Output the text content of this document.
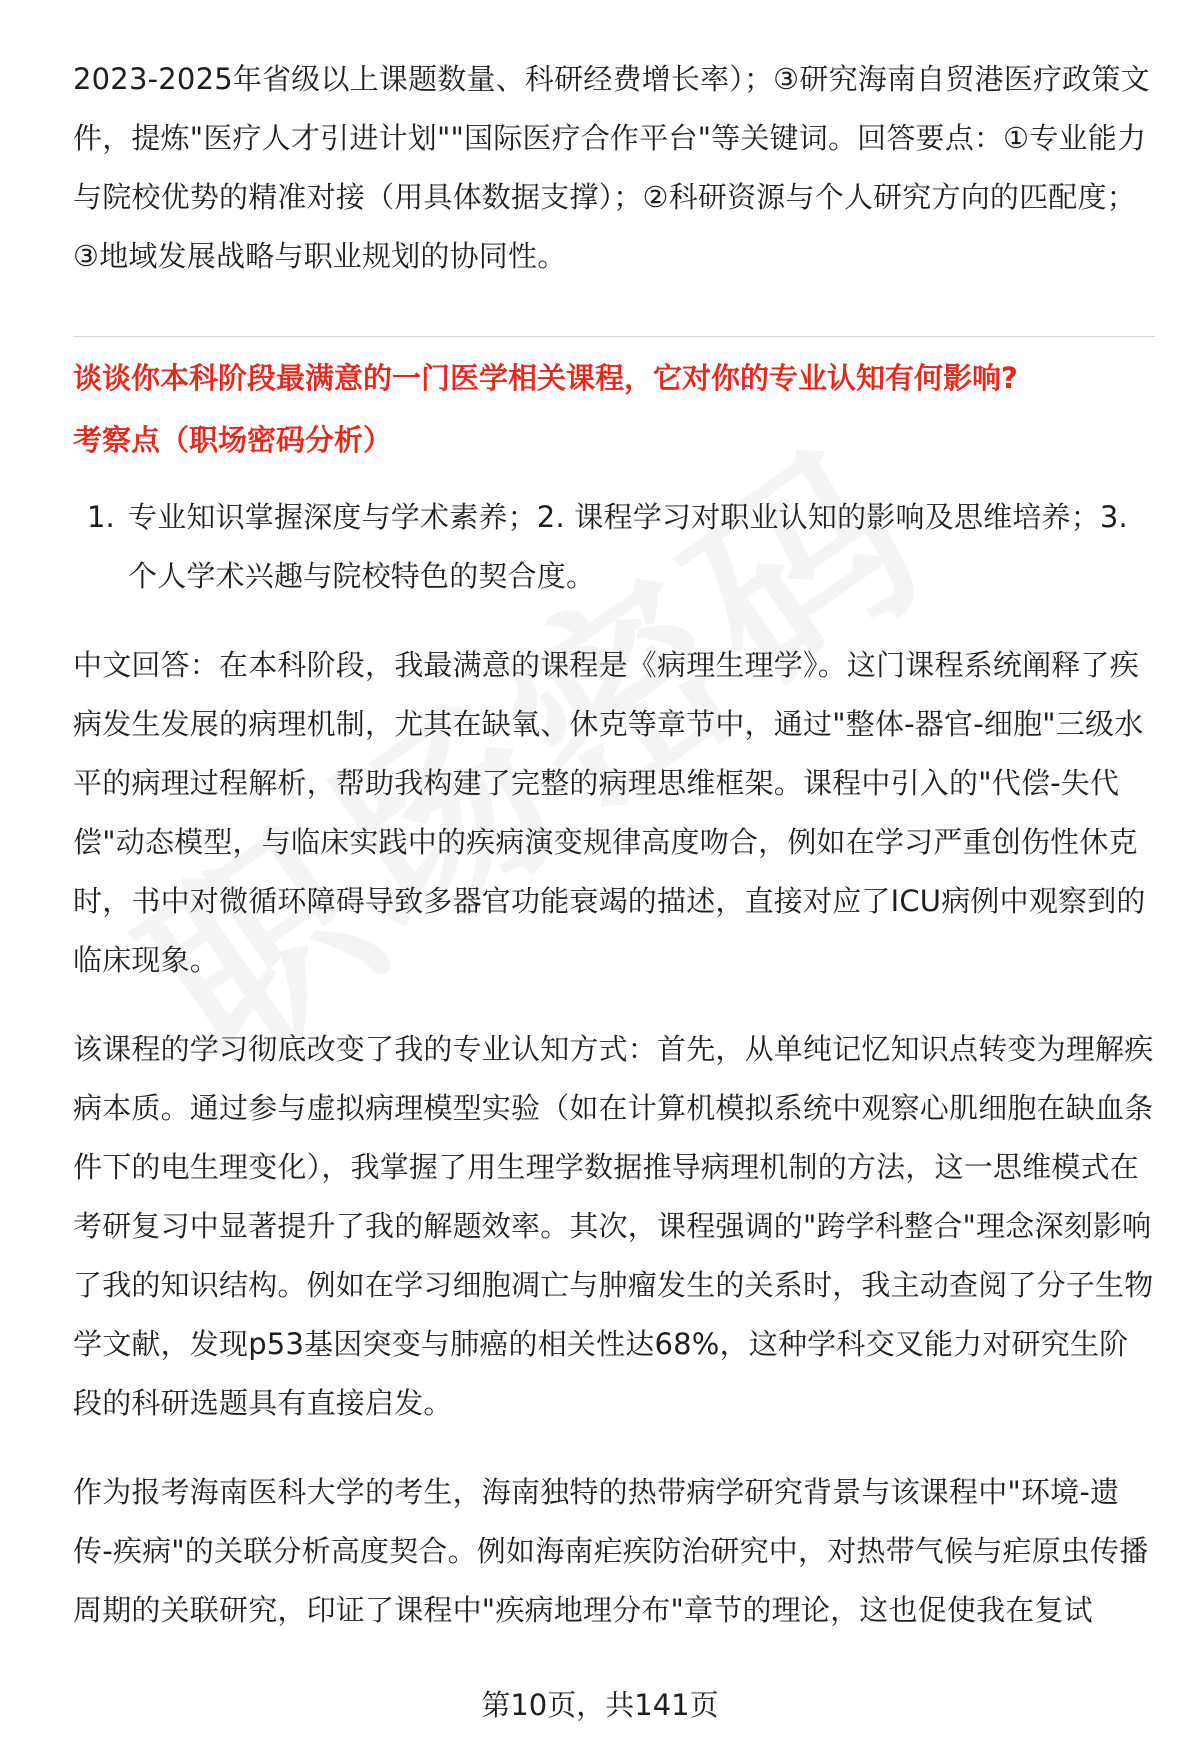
2023-2025年省级以上课题数量、科研经费增长率）；③研究海南自贸港医疗政策文件，提炼"医疗人才引进计划""国际医疗合作平台"等关键词。回答要点：①专业能力与院校优势的精准对接（用具体数据支撑）；②科研资源与个人研究方向的匹配度；③地域发展战略与职业规划的协同性。

谈谈你本科阶段最满意的一门医学相关课程，它对你的专业认知有何影响?
考察点（职场密码分析）
1. 专业知识掌握深度与学术素养；2. 课程学习对职业认知的影响及思维培养；3. 个人学术兴趣与院校特色的契合度。

中文回答：在本科阶段，我最满意的课程是《病理生理学》。这门课程系统阐释了疾病发生发展的病理机制，尤其在缺氧、休克等章节中，通过"整体-器官-细胞"三级水平的病理过程解析，帮助我构建了完整的病理思维框架。课程中引入的"代偿-失代偿"动态模型，与临床实践中的疾病演变规律高度吻合，例如在学习严重创伤性休克时，书中对微循环障碍导致多器官功能衰竭的描述，直接对应了ICU病例中观察到的临床现象。

该课程的学习彻底改变了我的专业认知方式：首先，从单纯记忆知识点转变为理解疾病本质。通过参与虚拟病理模型实验（如在计算机模拟系统中观察心肌细胞在缺血条件下的电生理变化），我掌握了用生理学数据推导病理机制的方法，这一思维模式在考研复习中显著提升了我的解题效率。其次，课程强调的"跨学科整合"理念深刻影响了我的知识结构。例如在学习细胞凋亡与肿瘤发生的关系时，我主动查阅了分子生物学文献，发现p53基因突变与肺癌的相关性达68%，这种学科交叉能力对研究生阶段的科研选题具有直接启发。

作为报考海南医科大学的考生，海南独特的热带病学研究背景与该课程中"环境-遗传-疾病"的关联分析高度契合。例如海南疟疾防治研究中，对热带气候与疟原虫传播周期的关联研究，印证了课程中"疾病地理分布"章节的理论，这也促使我在复试

第10页，共141页
